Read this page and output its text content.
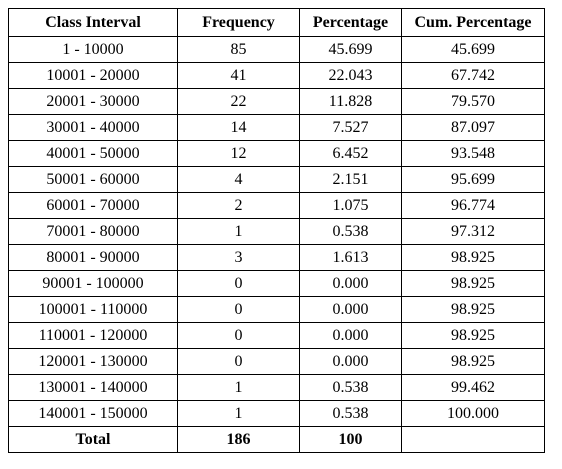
Class Interval	Frequency	Percentage	Cum. Percentage
1 - 10000	85	45.699	45.699
10001 - 20000	41	22.043	67.742
20001 - 30000	22	11.828	79.570
30001 - 40000	14	7.527	87.097
40001 - 50000	12	6.452	93.548
50001 - 60000	4	2.151	95.699
60001 - 70000	2	1.075	96.774
70001 - 80000	1	0.538	97.312
80001 - 90000	3	1.613	98.925
90001 - 100000	0	0.000	98.925
100001 - 110000	0	0.000	98.925
110001 - 120000	0	0.000	98.925
120001 - 130000	0	0.000	98.925
130001 - 140000	1	0.538	99.462
140001 - 150000	1	0.538	100.000
Total	186	100	
